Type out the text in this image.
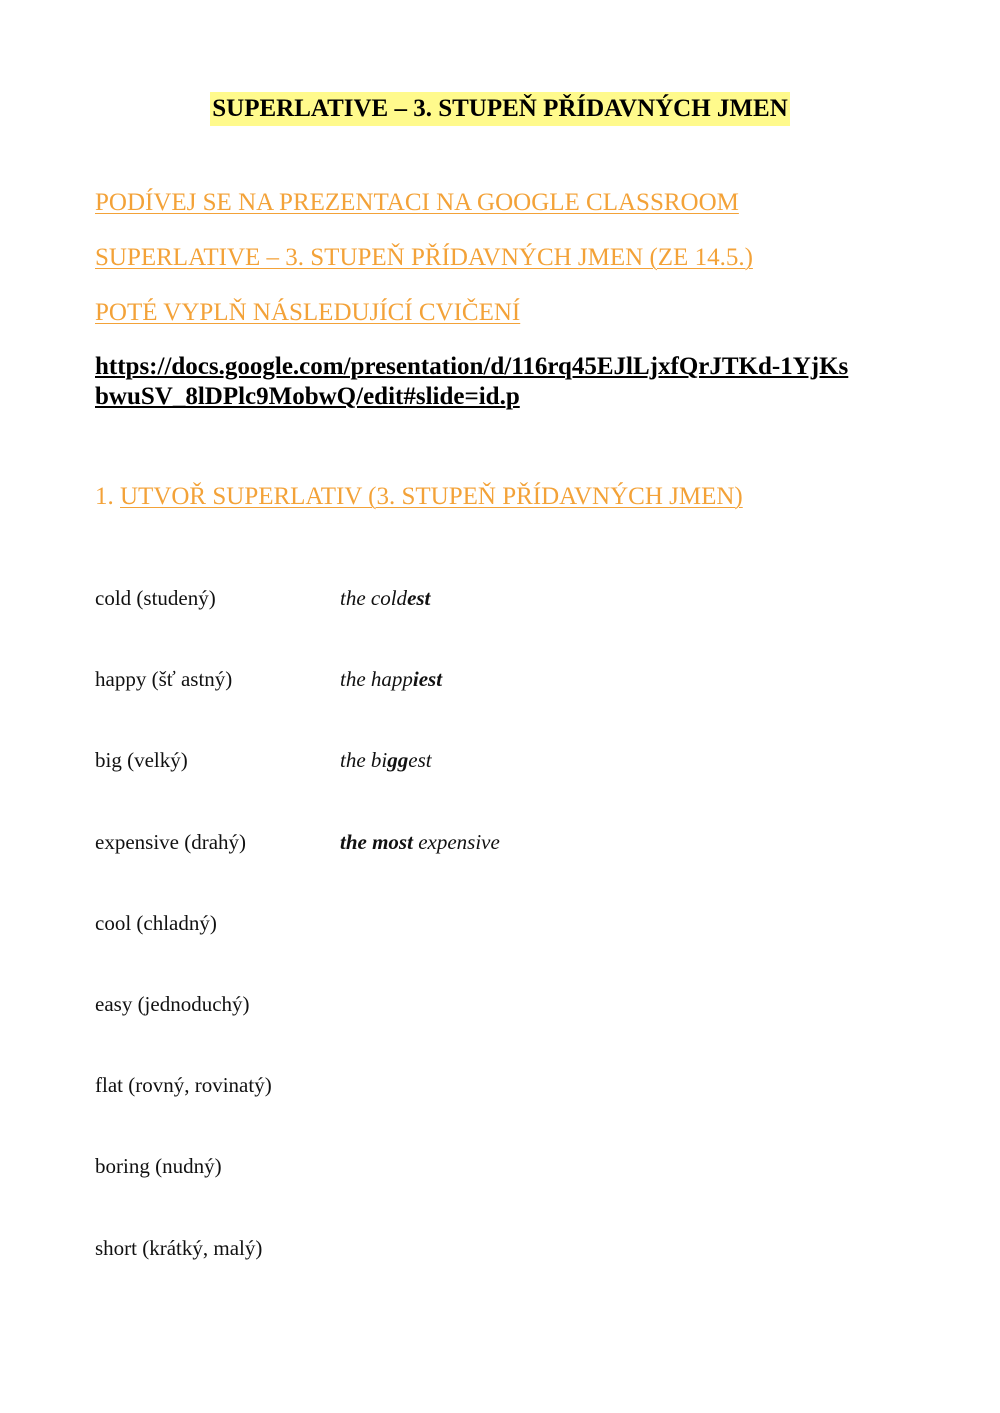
SUPERLATIVE – 3. STUPEŇ PŘÍDAVNÝCH JMEN
PODÍVEJ SE NA PREZENTACI NA GOOGLE CLASSROOM
SUPERLATIVE – 3. STUPEŇ PŘÍDAVNÝCH JMEN (ZE 14.5.)
POTÉ VYPLŇ NÁSLEDUJÍCÍ CVIČENÍ
https://docs.google.com/presentation/d/116rq45EJlLjxfQrJTKd-1YjKsbwuSV_8lDPlc9MobwQ/edit#slide=id.p
1. UTVOŘ SUPERLATIV (3. STUPEŇ PŘÍDAVNÝCH JMEN)
cold (studený)	the coldest
happy (šť astný)	the happiest
big (velký)	the biggest
expensive (drahý)	the most expensive
cool (chladný)
easy (jednoduchý)
flat (rovný, rovinatý)
boring (nudný)
short (krátký, malý)
